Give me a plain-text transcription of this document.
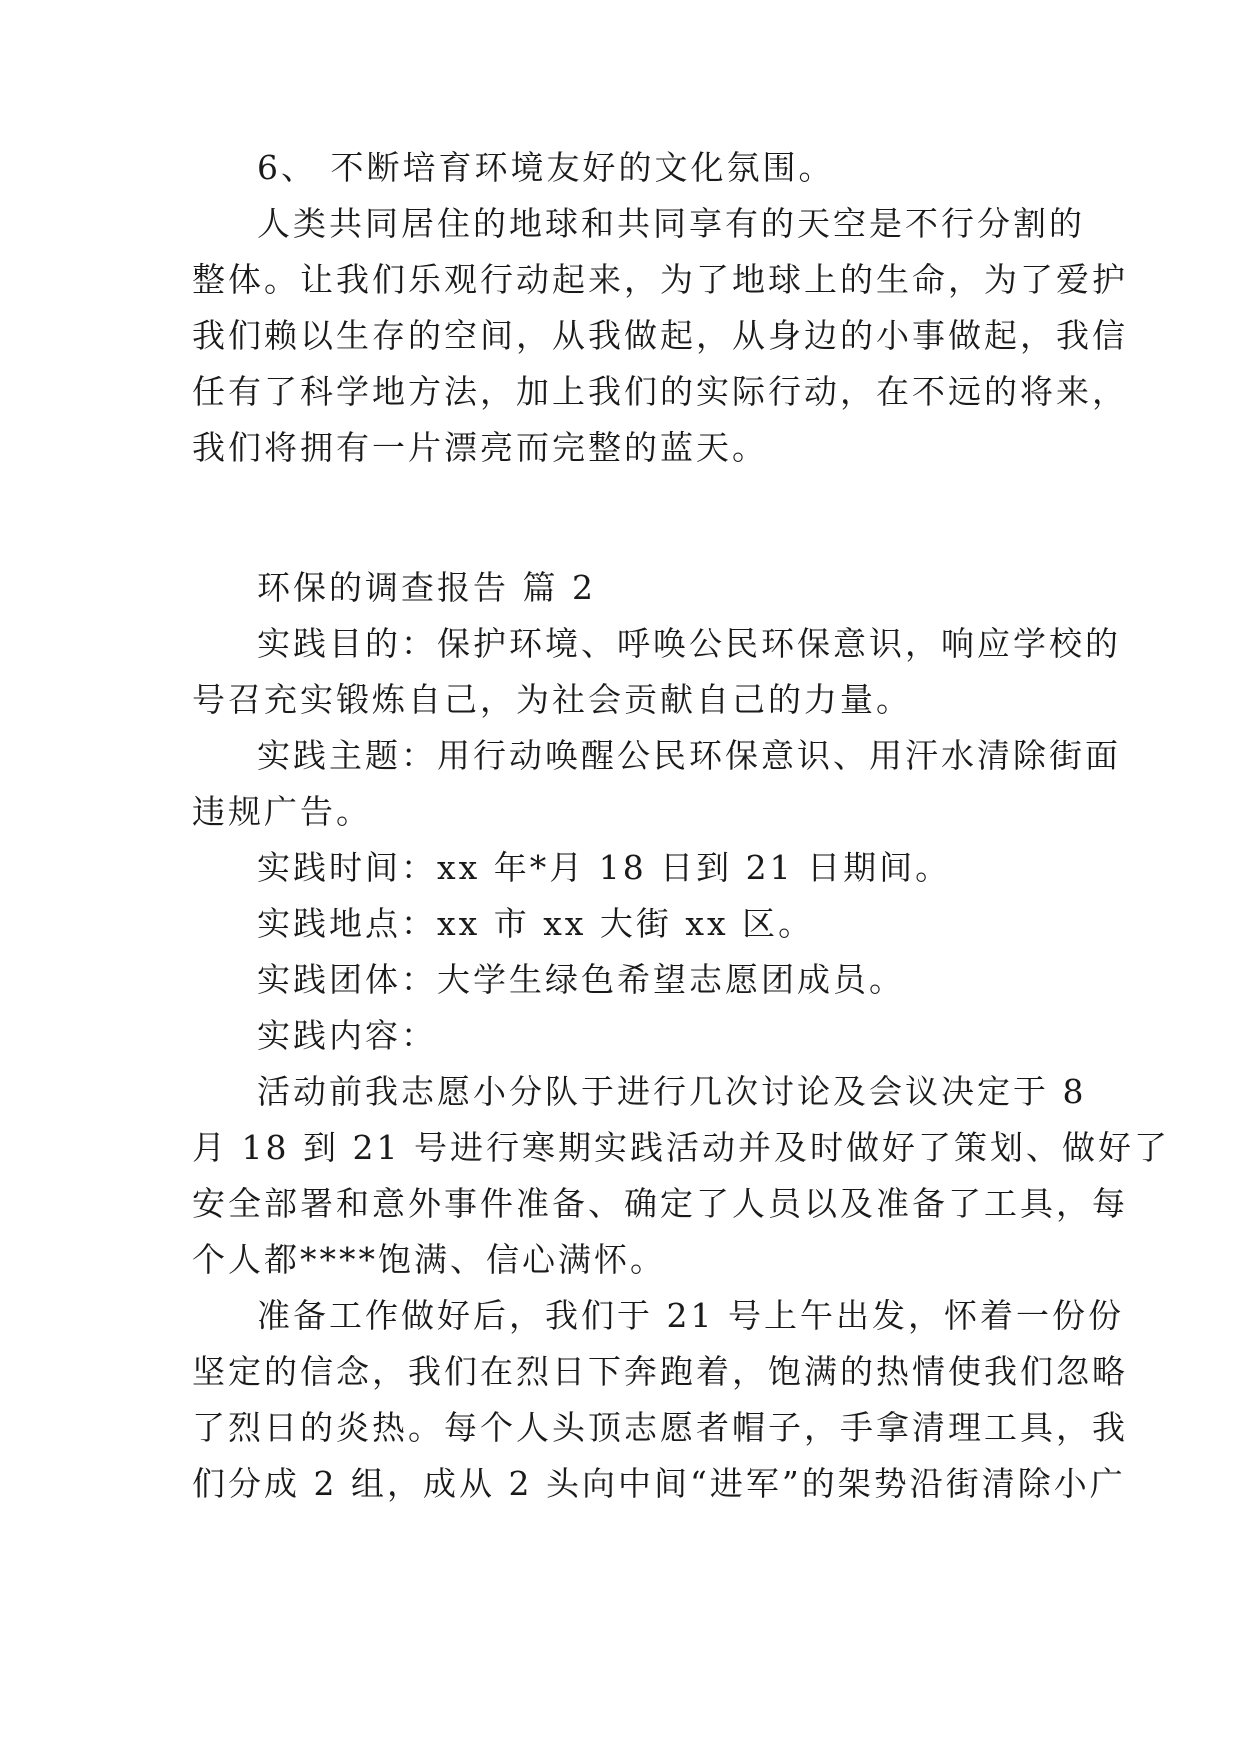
6、 不断培育环境友好的文化氛围。
人类共同居住的地球和共同享有的天空是不行分割的
整体。让我们乐观行动起来，为了地球上的生命，为了爱护
我们赖以生存的空间，从我做起，从身边的小事做起，我信
任有了科学地方法，加上我们的实际行动，在不远的将来，
我们将拥有一片漂亮而完整的蓝天。
环保的调查报告 篇 2
实践目的：保护环境、呼唤公民环保意识，响应学校的
号召充实锻炼自己，为社会贡献自己的力量。
实践主题：用行动唤醒公民环保意识、用汗水清除街面
违规广告。
实践时间：xx 年*月 18 日到 21 日期间。
实践地点：xx 市 xx 大街 xx 区。
实践团体：大学生绿色希望志愿团成员。
实践内容：
活动前我志愿小分队于进行几次讨论及会议决定于 8
月 18 到 21 号进行寒期实践活动并及时做好了策划、做好了
安全部署和意外事件准备、确定了人员以及准备了工具，每
个人都****饱满、信心满怀。
准备工作做好后，我们于 21 号上午出发，怀着一份份
坚定的信念，我们在烈日下奔跑着，饱满的热情使我们忽略
了烈日的炎热。每个人头顶志愿者帽子，手拿清理工具，我
们分成 2 组，成从 2 头向中间“进军”的架势沿街清除小广
